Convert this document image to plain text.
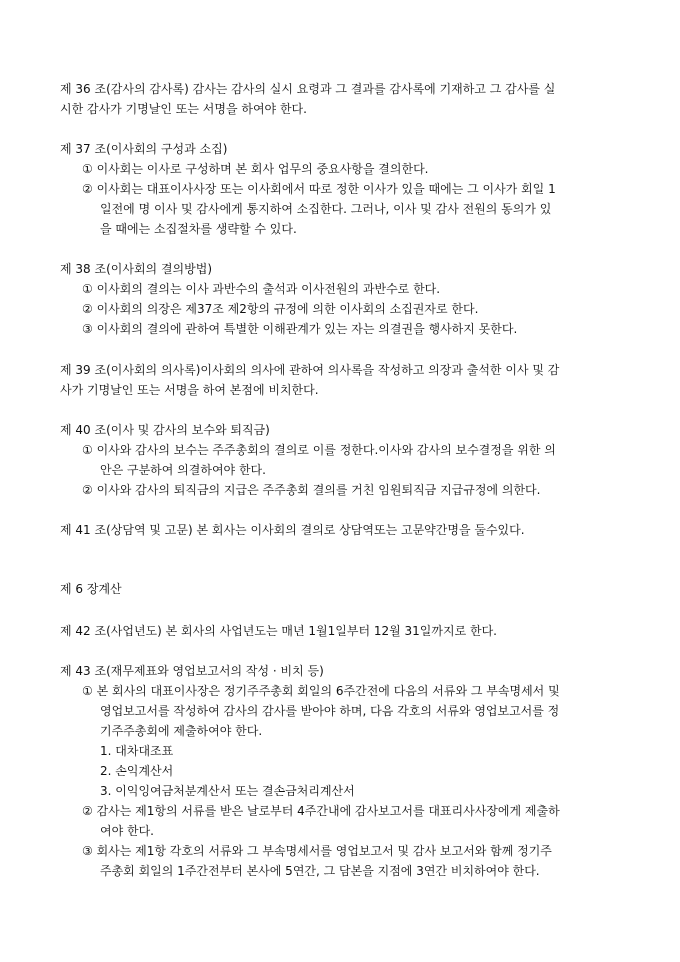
제 36 조(감사의 감사록) 감사는 감사의 실시 요령과 그 결과를 감사록에 기재하고 그 감사를 실
시한 감사가 기명날인 또는 서명을 하여야 한다.
제 37 조(이사회의 구성과 소집)
① 이사회는 이사로 구성하며 본 회사 업무의 중요사항을 결의한다.
② 이사회는 대표이사사장 또는 이사회에서 따로 정한 이사가 있을 때에는 그 이사가 회일 1
일전에 명 이사 및 감사에게 통지하여 소집한다. 그러나, 이사 및 감사 전원의 동의가 있
을 때에는 소집절차를 생략할 수 있다.
제 38 조(이사회의 결의방법)
① 이사회의 결의는 이사 과반수의 출석과 이사전원의 과반수로 한다.
② 이사회의 의장은 제37조 제2항의 규정에 의한 이사회의 소집권자로 한다.
③ 이사회의 결의에 관하여 특별한 이해관계가 있는 자는 의결권을 행사하지 못한다.
제 39 조(이사회의 의사록)이사회의 의사에 관하여 의사록을 작성하고 의장과 출석한 이사 및 감
사가 기명날인 또는 서명을 하여 본점에 비치한다.
제 40 조(이사 및 감사의 보수와 퇴직금)
① 이사와 감사의 보수는 주주총회의 결의로 이를 정한다.이사와 감사의 보수결정을 위한 의
안은 구분하여 의결하여야 한다.
② 이사와 감사의 퇴직금의 지급은 주주총회 결의를 거친 임원퇴직금 지급규정에 의한다.
제 41 조(상담역 및 고문) 본 회사는 이사회의 결의로 상담역또는 고문약간명을 둘수있다.
제 6 장계산
제 42 조(사업년도) 본 회사의 사업년도는 매년 1월1일부터 12월 31일까지로 한다.
제 43 조(재무제표와 영업보고서의 작성 · 비치 등)
① 본 회사의 대표이사장은 정기주주총회 회일의 6주간전에 다음의 서류와 그 부속명세서 및
영업보고서를 작성하여 감사의 감사를 받아야 하며, 다음 각호의 서류와 영업보고서를 정
기주주총회에 제출하여야 한다.
1. 대차대조표
2. 손익계산서
3. 이익잉여금처분계산서 또는 결손금처리계산서
② 감사는 제1항의 서류를 받은 날로부터 4주간내에 감사보고서를 대표리사사장에게 제출하
여야 한다.
③ 회사는 제1항 각호의 서류와 그 부속명세서를 영업보고서 및 감사 보고서와 함께 정기주
주총회 회일의 1주간전부터 본사에 5연간, 그 담본을 지점에 3연간 비치하여야 한다.
